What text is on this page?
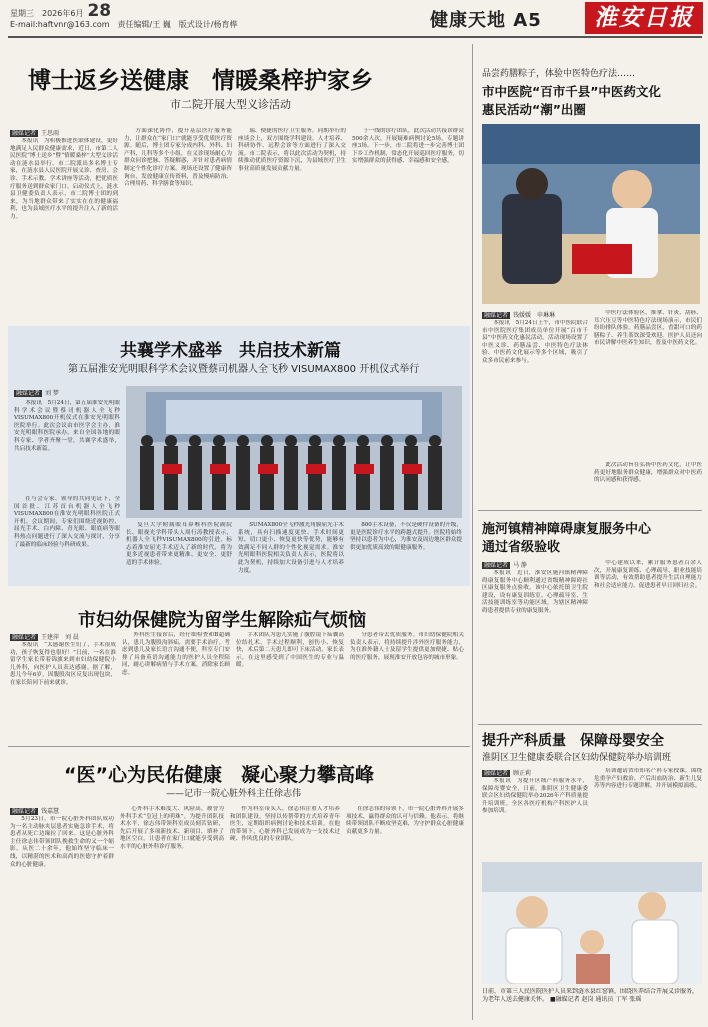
星期三　2026年6月 28
E-mail:haftvnr@163.com　责任编辑/王 巍　版式设计/杨育桦	健康天地 A5	淮安日报
博士返乡送健康　情暖桑梓护家乡
市二院开展大型义诊活动
融媒记者 王思雨
本报讯　为积极推进医联体建设，更好地满足人民群众健康需求，近日，市第二人民医院“博士送乡”暨“情暖桑梓”大型义诊活动在涟水县举行。市二院派出多名博士专家，在涟水县人民医院开展义诊、查房、会诊、手术示教、学术讲座等活动，把优质医疗服务送到群众家门口。启动仪式上，涟水县卫健委负责人表示，市二院博士团的到来，为当地群众带来了实实在在的健康福利，也为县域医疗水平的提升注入了新的活力。
方面深化协作，提升基层医疗服务能力，让群众在“家门口”就能享受优质医疗资源。随后，博士团专家分成内科、外科、妇产科、儿科等多个小组，在义诊现场耐心为群众问诊把脉、答疑解惑，并针对患者病情制定个性化诊疗方案。现场还设置了健康咨询台，发放健康宣传资料，普及慢病防治、合理用药、科学膳食等知识。
瑞、便捷的医疗卫生服务。同期举行的座谈会上，双方围绕学科建设、人才培养、科研协作、远程会诊等方面进行了深入交流。市二院表示，将以此次活动为契机，持续推动优质医疗资源下沉，为县域医疗卫生事业高质量发展贡献力量。
于一线的诊疗团队，此次活动共接诊群众500余人次，开展疑难病例讨论5场，专题讲座3场。下一步，市二院将进一步完善博士团下乡工作机制，常态化开展巡回医疗服务，切实增强群众的获得感、幸福感和安全感。
共襄学术盛举　共启技术新篇
第五届淮安光明眼科学术会议暨蔡司机器人全飞秒 VISUMAX800 开机仪式举行
融媒记者 刘 梦
本报讯　5月24日，第五届淮安光明眼科学术会议暨蔡司机器人全飞秒VISUMAX800开机仪式在淮安光明眼科医院举行。此次会议由市医学会主办，淮安光明眼科医院承办，来自全国各地的眼科专家、学者齐聚一堂，共襄学术盛举，共启技术新篇。
在与会专家、领导的共同见证下，全国首批、江苏首台机器人全飞秒VISUMAX800在淮安光明眼科医院正式开机。会议期间，专家们围绕近视防控、屈光手术、白内障、青光眼、眼底病等眼科热点问题进行了深入交流与探讨，分享了最新的临床经验与科研成果。
复旦大学附属眼耳鼻喉科医院副院长、眼视光学科带头人周行涛教授表示，机器人全飞秒VISUMAX800的引进，标志着淮安屈光手术迈入了新的时代，将为更多近视患者带来更精准、更安全、更舒适的手术体验。
SUMAX800全飞秒激光角膜屈光手术系统，具有扫描速度更快、手术时间更短、切口更小、恢复更快等优势，能够有效满足不同人群的个性化视觉需求。淮安光明眼科医院相关负责人表示，医院将以此为契机，持续加大设备引进与人才培养力度。
800手术设备，不仅是硬件设备的升级，更是医院诊疗水平的跨越式提升。医院将始终坚持以患者为中心，为淮安及周边地区群众提供更加优质高效的眼健康服务。
市妇幼保健院为留学生解除疝气烦恼
融媒记者 王建萍　刘 晨
本报讯　“太感谢医生们了，手术很成功，孩子恢复得也很好！”日前，一名在淮留学生家长带着锦旗来到市妇幼保健院小儿外科，向医护人员表达感谢。据了解，患儿今年6岁，因腹股沟区反复出现包块，在家长陪同下前来就诊。
外科医生接诊后，经仔细检查和B超确认，患儿为腹股沟斜疝，需要手术治疗。考虑到患儿及家长语言沟通不便，科室专门安排了具备英语沟通能力的医护人员全程陪同，耐心讲解病情与手术方案，消除家长顾虑。
手术团队为患儿实施了腹腔镜下疝囊高位结扎术，手术过程顺利，创伤小、恢复快，术后第二天患儿即可下床活动。家长表示，在这里感受到了中国医生的专业与温暖。
分患者带去优质服务。市妇幼保健院相关负责人表示，将持续提升涉外医疗服务能力，为在淮外籍人士及留学生提供更加便捷、贴心的医疗服务，展现淮安开放包容的城市形象。
“医”心为民佑健康　凝心聚力攀高峰
——记市一院心脏外科主任徐志伟
融媒记者 钱嘉慧
5月23日，市一院心脏外科团队成功为一名主动脉夹层患者实施急诊手术，将患者从死亡边缘拉了回来。这是心脏外科主任徐志伟带领团队挽救生命的又一个缩影。从医二十余年，他始终坚守临床一线，以精湛的医术和高尚的医德守护着群众的心脏健康。
心外科手术难度大、风险高，被誉为外科手术“皇冠上的明珠”。为提升团队技术水平，徐志伟带领科室成员刻苦钻研，先后开展了多项新技术、新项目，填补了地区空白，让患者在家门口就能享受到高水平的心脏外科诊疗服务。
作为科室带头人，徐志伟注重人才培养和团队建设，坚持以传帮带的方式培养青年医生，定期组织病例讨论和技术培训。在他的带领下，心脏外科已发展成为一支技术过硬、作风优良的专业团队。
在徐志伟的带领下，市一院心脏外科开展多项技术，赢得群众的认可与信赖。他表示，将继续带领团队不断攻坚克难，为守护群众心脏健康贡献更多力量。
品尝药膳粽子，体验中医特色疗法……
市中医院“百市千县”中医药文化
惠民活动“潮”出圈
融媒记者 钱媛媛　申琳琳
本报讯　5月24日上午，市中医院联合市中医院医疗集团成员单位开展“百市千县”中医药文化惠民活动。活动现场设置了中医义诊、药膳品尝、中医特色疗法体验、中医药文化展示等多个区域，吸引了众多市民前来参与。
中医疗法体验区，推拿、针灸、刮痧、耳穴压豆等中医特色疗法现场演示，市民们纷纷排队体验。药膳品尝区，香甜可口的药膳粽子、养生茶饮深受欢迎。医护人员还向市民讲解中医养生知识，普及中医药文化。
此次活动旨在弘扬中医药文化，让中医药更好地服务群众健康，增强群众对中医药的认同感和获得感。
施河镇精神障碍康复服务中心
通过省级验收
融媒记者 马 静
本报讯　近日，淮安区施河镇精神障碍康复服务中心顺利通过省级精神障碍社区康复服务点验收。该中心依托镇卫生院建设，设有康复训练室、心理疏导室、生活技能训练室等功能区域，为辖区精神障碍患者提供专业的康复服务。
中心建成以来，累计服务患者百余人次，开展康复训练、心理疏导、职业技能培训等活动，有效帮助患者提升生活自理能力和社会适应能力，促进患者早日回归社会。
提升产科质量　保障母婴安全
淮阴区卫生健康委联合区妇幼保健院举办培训班
融媒记者 顾正莉
本报讯　为提升区域产科服务水平，保障母婴安全，日前，淮阴区卫生健康委联合区妇幼保健院举办2026年产科质量提升培训班。全区各医疗机构产科医护人员参加培训。
培训邀请省市知名产科专家授课，围绕危重孕产妇救治、产后出血防治、新生儿复苏等内容进行专题讲解，并开展模拟演练。
日前，市第三人民医院医护人员来到涟水县红窑镇，围绕医养结合开展义诊服务，为老年人送去健康关怀。 ■融媒记者 赵岗 通讯员 丁军 张瑶
